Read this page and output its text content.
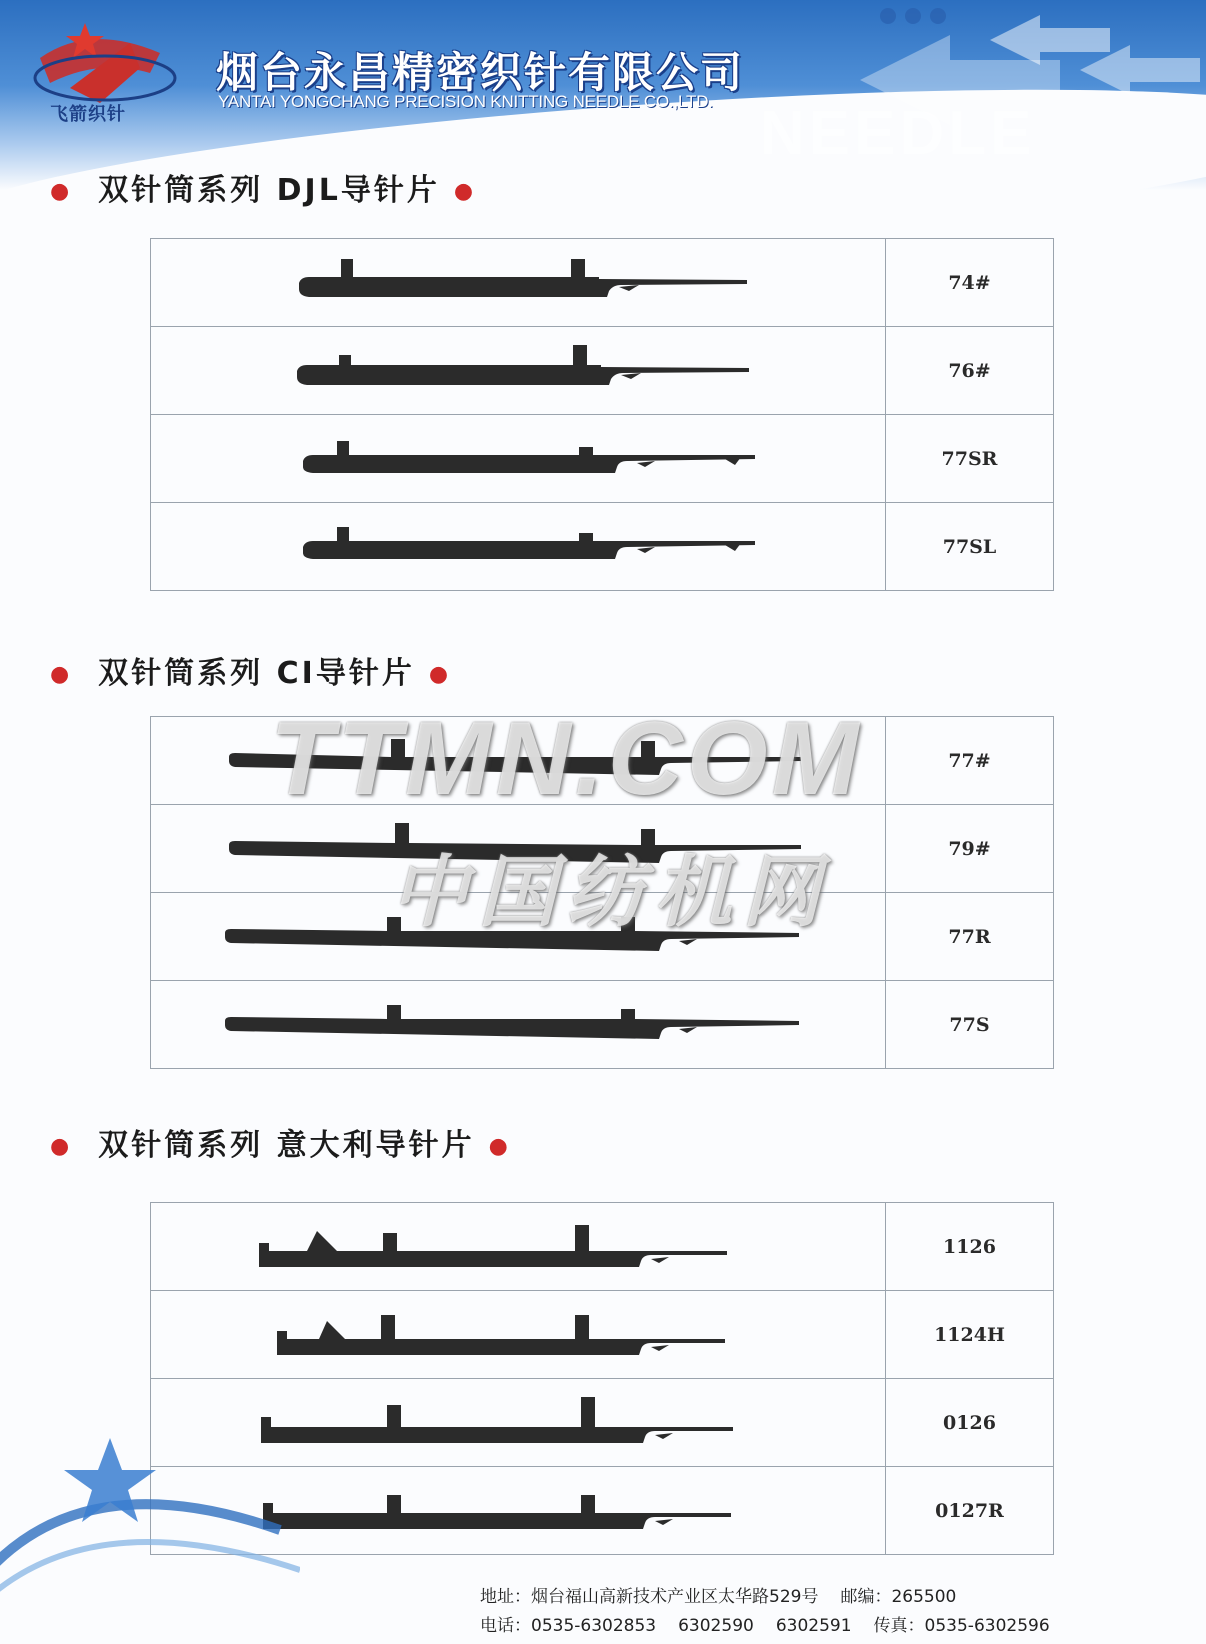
飞箭织针
烟台永昌精密织针有限公司
YANTAI YONGCHANG PRECISION KNITTING NEEDLE CO.,LTD. NEEDLE
● 双针筒系列 DJL导针片 ●
	74#

	76#

	77SR

	77SL
● 双针筒系列 CI导针片 ●
	77#

	79#

	77R

	77S
TTMN.COM
中国纺机网
● 双针筒系列 意大利导针片 ●
	1126

	1124H

	0126

	0127R
地址：烟台福山高新技术产业区太华路529号 邮编：265500
电话：0535-6302853 6302590 6302591 传真：0535-6302596
